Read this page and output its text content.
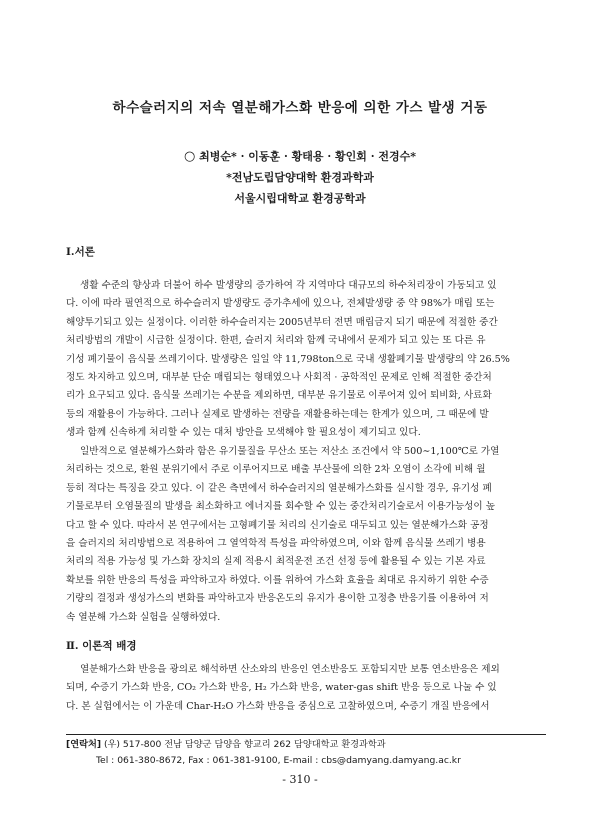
하수슬러지의 저속 열분해가스화 반응에 의한 가스 발생 거동
○ 최병순* · 이동훈 · 황태용 · 황인회 · 전경수*
*전남도립담양대학 환경과학과
서울시립대학교 환경공학과
Ⅰ.서론
생활 수준의 향상과 더불어 하수 발생량의 증가하여 각 지역마다 대규모의 하수처리장이 가동되고 있
다. 이에 따라 필연적으로 하수슬러지 발생량도 증가추세에 있으나, 전체발생량 중 약 98%가 매립 또는
해양투기되고 있는 실정이다. 이러한 하수슬러지는 2005년부터 전면 매립금지 되기 때문에 적절한 중간
처리방법의 개발이 시급한 실정이다. 한편, 슬러지 처리와 함께 국내에서 문제가 되고 있는 또 다른 유
기성 폐기물이 음식물 쓰레기이다. 발생량은 일일 약 11,798ton으로 국내 생활폐기물 발생량의 약 26.5%
정도 차지하고 있으며, 대부분 단순 매립되는 형태였으나 사회적 · 공학적인 문제로 인해 적절한 중간처
리가 요구되고 있다. 음식물 쓰레기는 수분을 제외하면, 대부분 유기물로 이루어져 있어 퇴비화, 사료화
등의 재활용이 가능하다. 그러나 실제로 발생하는 전량을 재활용하는데는 한계가 있으며, 그 때문에 발
생과 함께 신속하게 처리할 수 있는 대처 방안을 모색해야 할 필요성이 제기되고 있다.
일반적으로 열분해가스화라 함은 유기물질을 무산소 또는 저산소 조건에서 약 500∼1,100℃로 가열
처리하는 것으로, 환원 분위기에서 주로 이루어지므로 배출 부산물에 의한 2차 오염이 소각에 비해 월
등히 적다는 특징을 갖고 있다. 이 같은 측면에서 하수슬러지의 열분해가스화를 실시할 경우, 유기성 폐
기물로부터 오염물질의 발생을 최소화하고 에너지를 회수할 수 있는 중간처리기술로서 이용가능성이 높
다고 할 수 있다. 따라서 본 연구에서는 고형폐기물 처리의 신기술로 대두되고 있는 열분해가스화 공정
을 슬러지의 처리방법으로 적용하여 그 열역학적 특성을 파악하였으며, 이와 함께 음식물 쓰레기 병용
처리의 적용 가능성 및 가스화 장치의 실제 적용시 최적운전 조건 선정 등에 활용될 수 있는 기본 자료
확보를 위한 반응의 특성을 파악하고자 하였다. 이를 위하여 가스화 효율을 최대로 유지하기 위한 수증
기량의 결정과 생성가스의 변화를 파악하고자 반응온도의 유지가 용이한 고정층 반응기를 이용하여 저
속 열분해 가스화 실험을 실행하였다.
Ⅱ. 이론적 배경
열분해가스화 반응을 광의로 해석하면 산소와의 반응인 연소반응도 포함되지만 보통 연소반응은 제외
되며, 수증기 가스화 반응, CO₂ 가스화 반응, H₂ 가스화 반응, water-gas shift 반응 등으로 나눌 수 있
다. 본 실험에서는 이 가운데 Char-H₂O 가스화 반응을 중심으로 고찰하였으며, 수증기 개질 반응에서
[연락처] (우) 517-800 전남 담양군 담양읍 향교리 262 담양대학교 환경과학과
Tel : 061-380-8672, Fax : 061-381-9100, E-mail : cbs@damyang.damyang.ac.kr
- 310 -
